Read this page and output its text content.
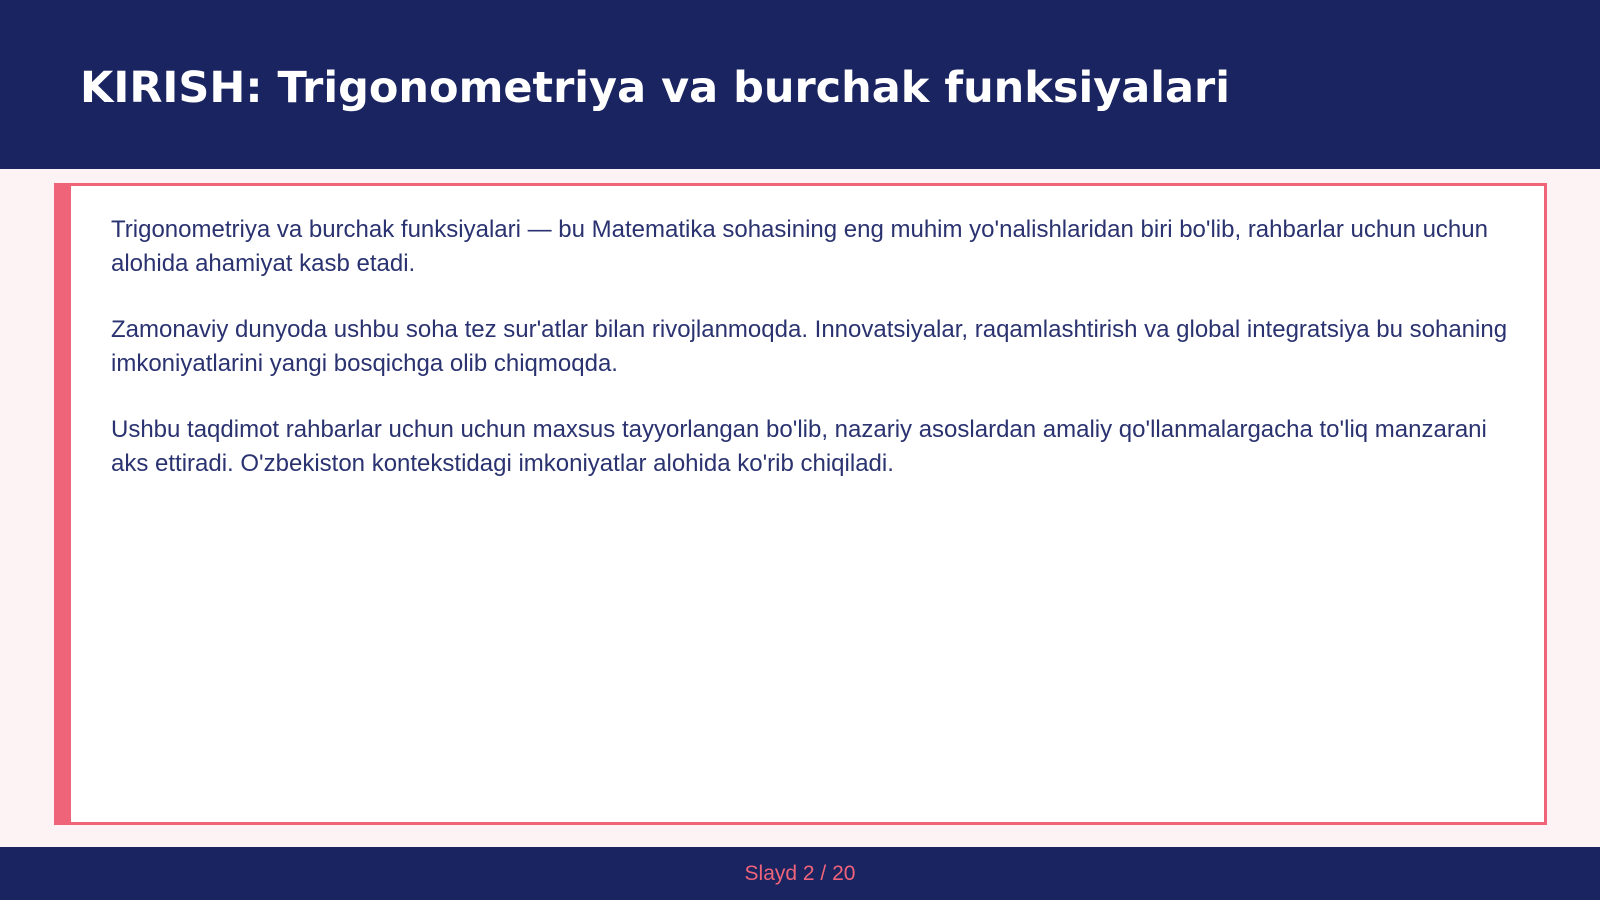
KIRISH: Trigonometriya va burchak funksiyalari

Trigonometriya va burchak funksiyalari — bu Matematika sohasining eng muhim yo'nalishlaridan biri bo'lib, rahbarlar uchun uchun alohida ahamiyat kasb etadi.

Zamonaviy dunyoda ushbu soha tez sur'atlar bilan rivojlanmoqda. Innovatsiyalar, raqamlashtirish va global integratsiya bu sohaning imkoniyatlarini yangi bosqichga olib chiqmoqda.

Ushbu taqdimot rahbarlar uchun uchun maxsus tayyorlangan bo'lib, nazariy asoslardan amaliy qo'llanmalargacha to'liq manzarani aks ettiradi. O'zbekiston kontekstidagi imkoniyatlar alohida ko'rib chiqiladi.

Slayd 2 / 20
